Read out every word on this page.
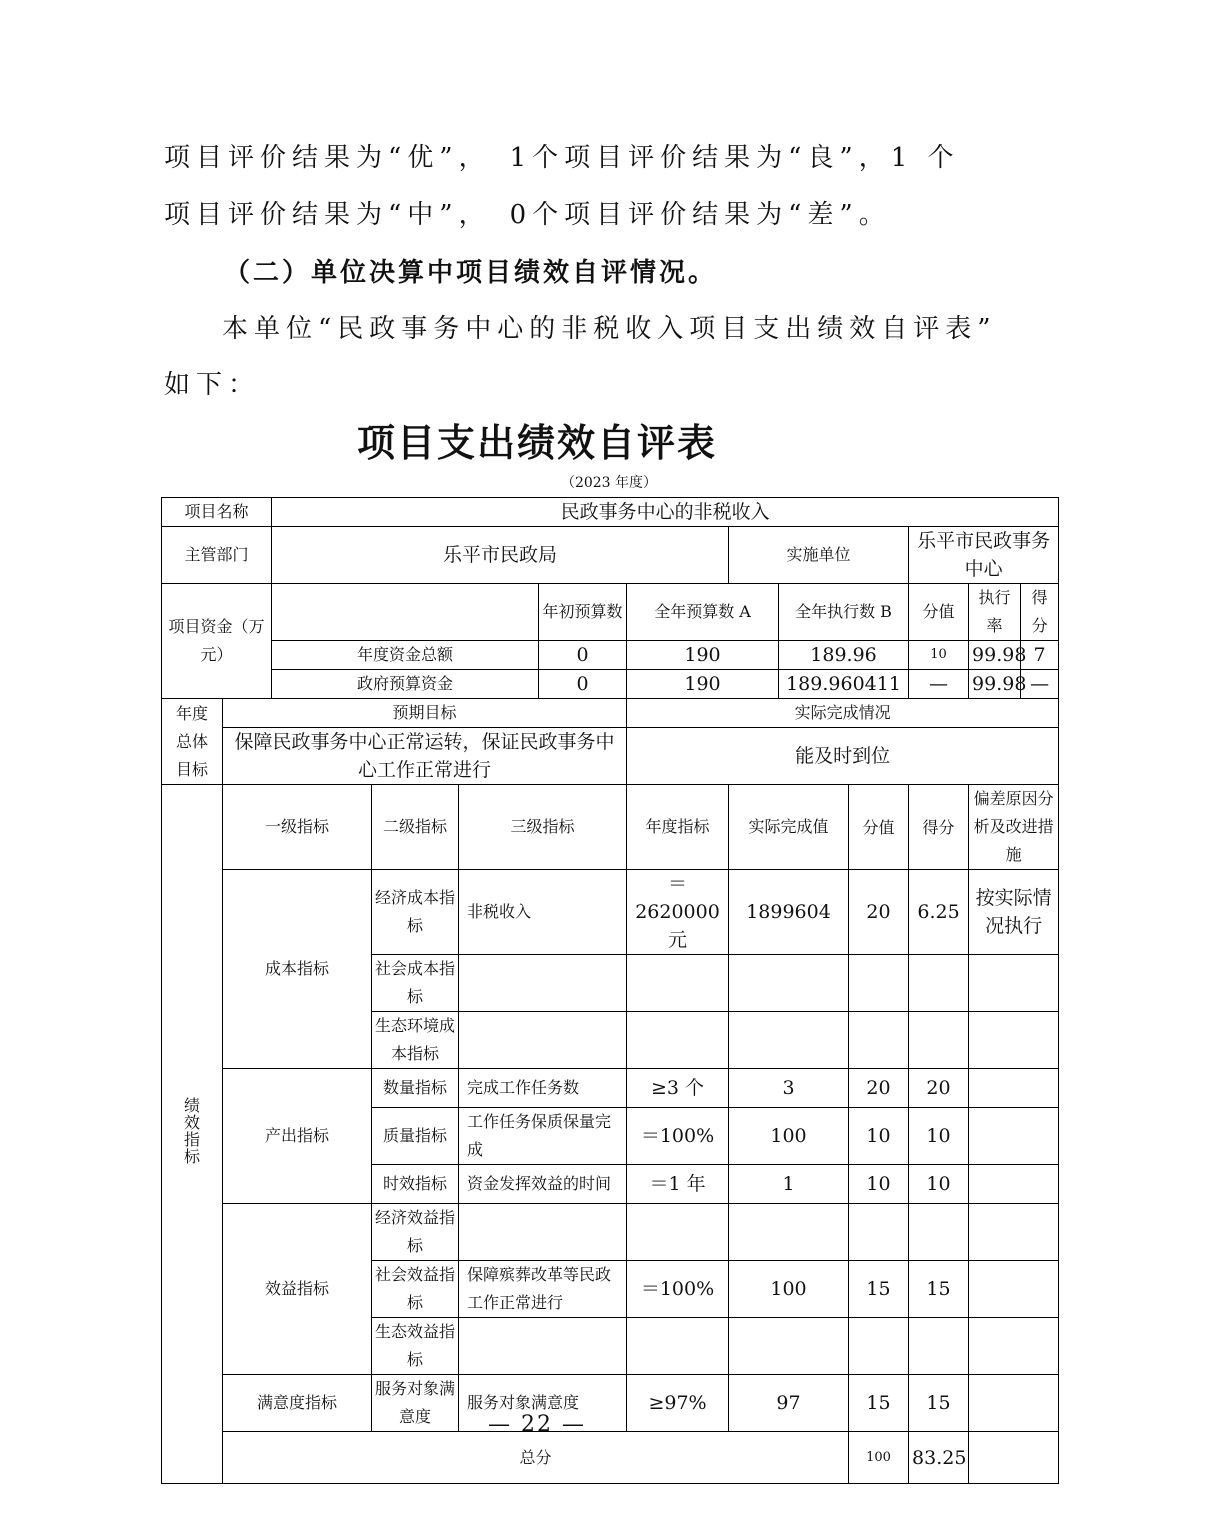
项目评价结果为“优”，　1个项目评价结果为“良”，1 个
项目评价结果为“中”，　0个项目评价结果为“差”。
（二）单位决算中项目绩效自评情况。
本单位“民政事务中心的非税收入项目支出绩效自评表”
如下：
项目支出绩效自评表
（2023 年度）
项目名称		民政事务中心的非税收入										
主管部门		乐平市民政局					实施单位			乐平市民政事务中心		
项目资金（万元）					年初预算数	全年预算数 A		全年执行数 B		分值	执行率	得分
		年度资金总额			0	190		189.96		10	99.98	7
		政府预算资金			0	190		189.960411		—	99.98	—
年度总体目标	预期目标					实际完成情况						
	保障民政事务中心正常运转，保证民政事务中心工作正常进行					能及时到位						
绩效指标	一级指标		二级指标	三级指标		年度指标	实际完成值		分值	得分	偏差原因分析及改进措施	
	成本指标		经济成本指标	非税收入		＝2620000元	1899604		20	6.25	按实际情况执行	
			社会成本指标									
			生态环境成本指标									
	产出指标		数量指标	完成工作任务数		≥3 个	3		20	20		
			质量指标	工作任务保质保量完成		＝100%	100		10	10		
			时效指标	资金发挥效益的时间		＝1 年	1		10	10		
	效益指标		经济效益指标									
			社会效益指标	保障殡葬改革等民政工作正常进行		＝100%	100		15	15		
			生态效益指标									
	满意度指标		服务对象满意度	服务对象满意度		≥97%	97		15	15		
	总分								100	83.25		
— 22 —
